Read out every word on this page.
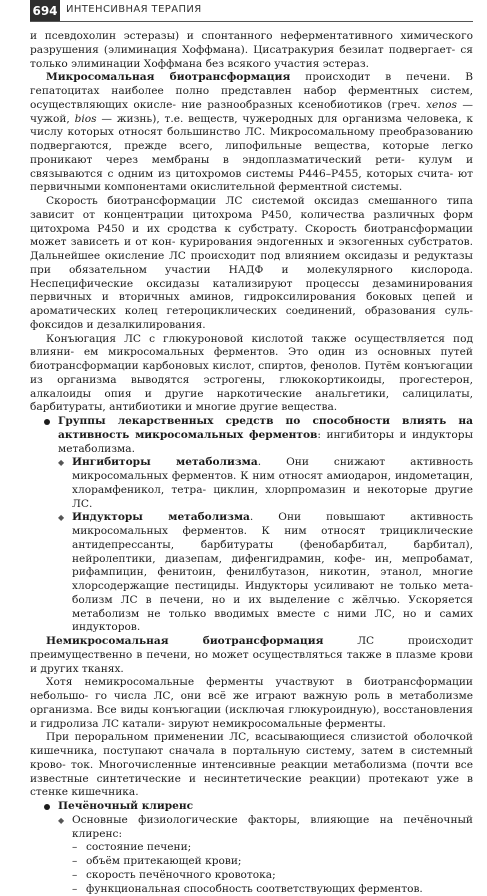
694 ИНТЕНСИВНАЯ ТЕРАПИЯ

и псевдохолин эстеразы) и спонтанного неферментативного химического разрушения (элиминация Хоффмана). Цисатракурия безилат подвергает- ся только элиминации Хоффмана без всякого участия эстераз.

Микросомальная биотрансформация происходит в печени. В гепатоцитах наиболее полно представлен набор ферментных систем, осуществляющих окисле- ние разнообразных ксенобиотиков (греч. xenos — чужой, bios — жизнь), т.е. веществ, чужеродных для организма человека, к числу которых относят большинство ЛС. Микросомальному преобразованию подвергаются, прежде всего, липофильные вещества, которые легко проникают через мембраны в эндоплазматический рети- кулум и связываются с одним из цитохромов системы Р446–Р455, которых счита- ют первичными компонентами окислительной ферментной системы.

Скорость биотрансформации ЛС системой оксидаз смешанного типа зависит от концентрации цитохрома Р450, количества различных форм цитохрома Р450 и их сродства к субстрату. Скорость биотрансформации может зависеть и от кон- курирования эндогенных и экзогенных субстратов. Дальнейшее окисление ЛС происходит под влиянием оксидазы и редуктазы при обязательном участии НАДФ и молекулярного кислорода. Неспецифические оксидазы катализируют процессы дезаминирования первичных и вторичных аминов, гидроксилирования боковых цепей и ароматических колец гетероциклических соединений, образования суль- фоксидов и дезалкилирования.

Конъюгация ЛС с глюкуроновой кислотой также осуществляется под влияни- ем микросомальных ферментов. Это один из основных путей биотрансформации карбоновых кислот, спиртов, фенолов. Путём конъюгации из организма выводятся эстрогены, глюкокортикоиды, прогестерон, алкалоиды опия и другие наркотические анальгетики, салицилаты, барбитураты, антибиотики и многие другие вещества.

Группы лекарственных средств по способности влиять на активность микросомальных ферментов: ингибиторы и индукторы метаболизма.
◆ Ингибиторы метаболизма. Они снижают активность микросомальных ферментов. К ним относят амиодарон, индометацин, хлорамфеникол, тетра- циклин, хлорпромазин и некоторые другие ЛС.
◆ Индукторы метаболизма. Они повышают активность микросомальных ферментов. К ним относят трициклические антидепрессанты, барбитураты (фенобарбитал, барбитал), нейролептики, диазепам, дифенгидрамин, кофе- ин, мепробамат, рифампицин, фенитоин, фенилбутазон, никотин, этанол, многие хлорсодержащие пестициды. Индукторы усиливают не только мета- болизм ЛС в печени, но и их выделение с жёлчью. Ускоряется метаболизм не только вводимых вместе с ними ЛС, но и самих индукторов.

Немикросомальная биотрансформация ЛС происходит преимущественно в печени, но может осуществляться также в плазме крови и других тканях.

Хотя немикросомальные ферменты участвуют в биотрансформации небольшо- го числа ЛС, они всё же играют важную роль в метаболизме организма. Все виды конъюгации (исключая глюкуроидную), восстановления и гидролиза ЛС катали- зируют немикросомальные ферменты.

При пероральном применении ЛС, всасывающиеся слизистой оболочкой кишечника, поступают сначала в портальную систему, затем в системный крово- ток. Многочисленные интенсивные реакции метаболизма (почти все известные синтетические и несинтетические реакции) протекают уже в стенке кишечника.

Печёночный клиренс
◆ Основные физиологические факторы, влияющие на печёночный клиренс:
– состояние печени;
– объём притекающей крови;
– скорость печёночного кровотока;
– функциональная способность соответствующих ферментов.
